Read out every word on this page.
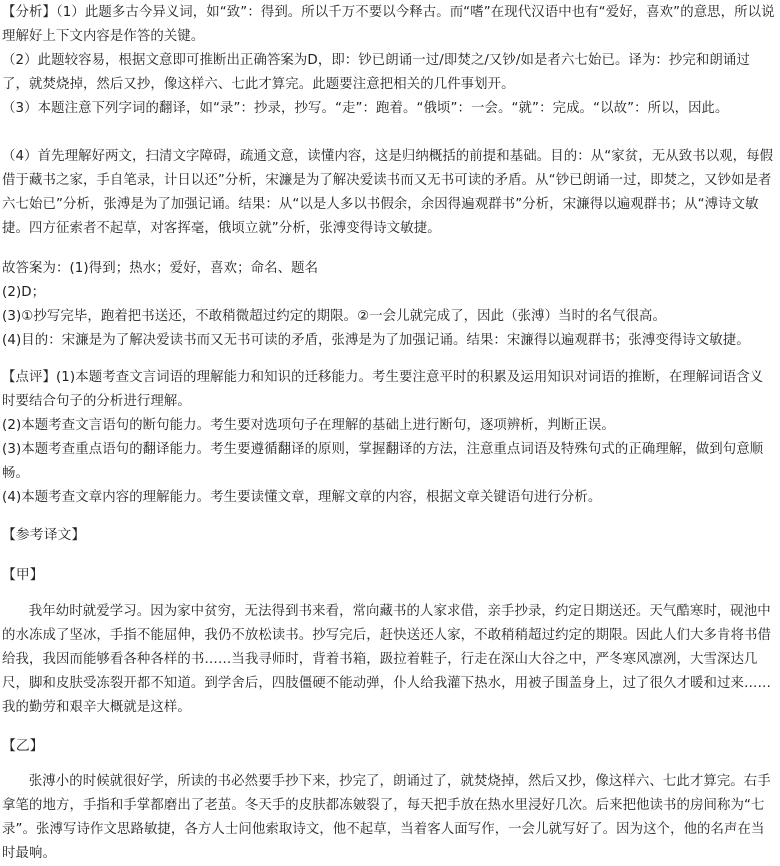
【分析】（1）此题多古今异义词，如“致”：得到。所以千万不要以今释古。而“嗜”在现代汉语中也有“爱好，喜欢”的意思，所以说理解好上下文内容是作答的关键。
（2）此题较容易，根据文意即可推断出正确答案为D，即：钞已朗诵一过/即焚之/又钞/如是者六七始已。译为：抄完和朗诵过了，就焚烧掉，然后又抄，像这样六、七此才算完。此题要注意把相关的几件事划开。
（3）本题注意下列字词的翻译，如“录”：抄录，抄写。“走”：跑着。“俄顷”：一会。“就”：完成。“以故”：所以，因此。
（4）首先理解好两文，扫清文字障碍，疏通文意，读懂内容，这是归纳概括的前提和基础。目的：从“家贫，无从致书以观，每假借于藏书之家，手自笔录，计日以还”分析，宋濂是为了解决爱读书而又无书可读的矛盾。从“钞已朗诵一过，即焚之，又钞如是者六七始已”分析，张溥是为了加强记诵。结果：从“以是人多以书假余，余因得遍观群书”分析，宋濂得以遍观群书；从“溥诗文敏捷。四方征索者不起草，对客挥毫，俄顷立就”分析，张溥变得诗文敏捷。
故答案为：(1)得到；热水；爱好，喜欢；命名、题名
(2)D；
(3)①抄写完毕，跑着把书送还，不敢稍微超过约定的期限。②一会儿就完成了，因此（张溥）当时的名气很高。
(4)目的：宋濂是为了解决爱读书而又无书可读的矛盾，张溥是为了加强记诵。结果：宋濂得以遍观群书；张溥变得诗文敏捷。
【点评】(1)本题考查文言词语的理解能力和知识的迁移能力。考生要注意平时的积累及运用知识对词语的推断，在理解词语含义时要结合句子的分析进行理解。
(2)本题考查文言语句的断句能力。考生要对选项句子在理解的基础上进行断句，逐项辨析，判断正误。
(3)本题考查重点语句的翻译能力。考生要遵循翻译的原则，掌握翻译的方法，注意重点词语及特殊句式的正确理解，做到句意顺畅。
(4)本题考查文章内容的理解能力。考生要读懂文章，理解文章的内容，根据文章关键语句进行分析。
【参考译文】
【甲】
我年幼时就爱学习。因为家中贫穷，无法得到书来看，常向藏书的人家求借，亲手抄录，约定日期送还。天气酷寒时，砚池中的水冻成了坚冰，手指不能屈伸，我仍不放松读书。抄写完后，赶快送还人家，不敢稍稍超过约定的期限。因此人们大多肯将书借给我，我因而能够看各种各样的书……当我寻师时，背着书箱，趿拉着鞋子，行走在深山大谷之中，严冬寒风凛冽，大雪深达几尺，脚和皮肤受冻裂开都不知道。到学舍后，四肢僵硬不能动弹，仆人给我灌下热水，用被子围盖身上，过了很久才暖和过来……我的勤劳和艰辛大概就是这样。
【乙】
张溥小的时候就很好学，所读的书必然要手抄下来，抄完了，朗诵过了，就焚烧掉，然后又抄，像这样六、七此才算完。右手拿笔的地方，手指和手掌都磨出了老茧。冬天手的皮肤都冻皴裂了，每天把手放在热水里浸好几次。后来把他读书的房间称为“七录”。张溥写诗作文思路敏捷，各方人士问他索取诗文，他不起草，当着客人面写作，一会儿就写好了。因为这个，他的名声在当时最响。
